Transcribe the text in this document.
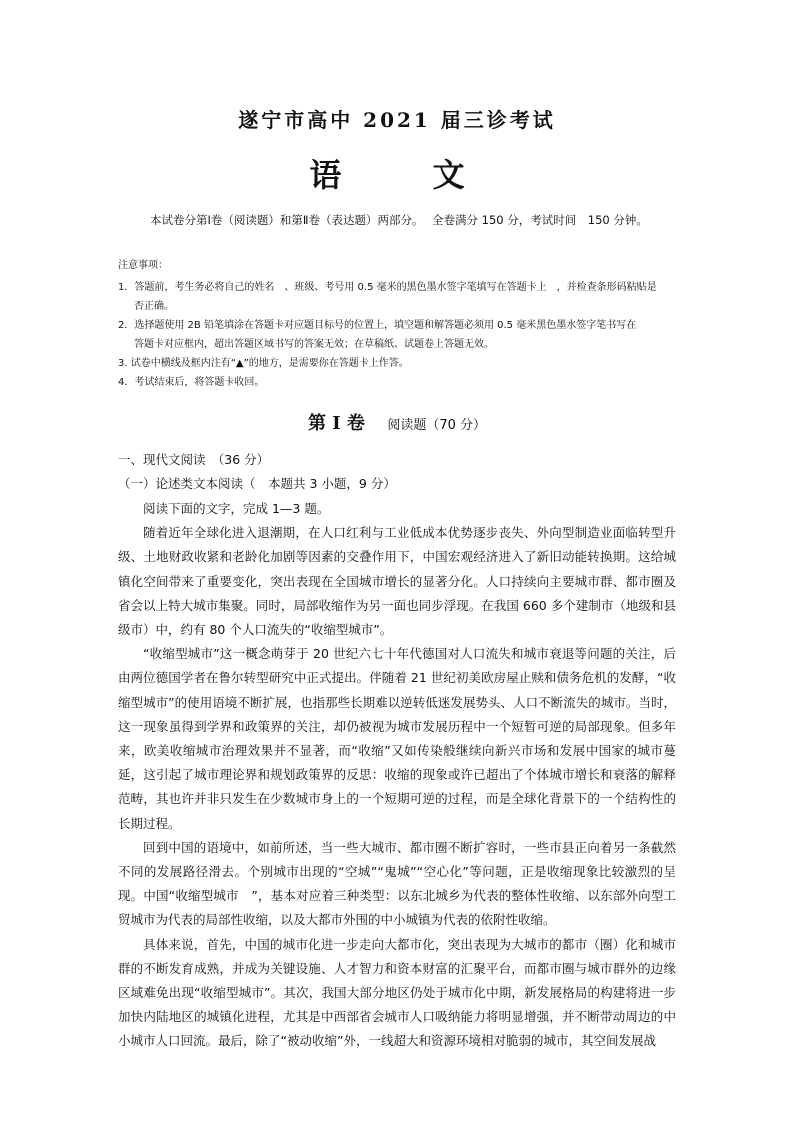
遂宁市高中 2021 届三诊考试
语 文
本试卷分第Ⅰ卷（阅读题）和第Ⅱ卷（表达题）两部分。 全卷满分 150 分，考试时间　150 分钟。
注意事项：
1．答题前，考生务必将自己的姓名　、班级、考号用 0.5 毫米的黑色墨水签字笔填写在答题卡上　，并检查条形码粘贴是
否正确。
2．选择题使用 2B 铅笔填涂在答题卡对应题目标号的位置上，填空题和解答题必须用 0.5 毫米黑色墨水签字笔书写在
答题卡对应框内，超出答题区域书写的答案无效；在草稿纸、试题卷上答题无效。
3. 试卷中横线及框内注有“▲”的地方，是需要你在答题卡上作答。
4．考试结束后，将答题卡收回。
第 Ⅰ 卷 阅读题（70 分）
一、现代文阅读　（36 分）
（一）论述类文本阅读（　本题共 3 小题，9 分）

阅读下面的文字，完成 1—3 题。

随着近年全球化进入退潮期，在人口红利与工业低成本优势逐步丧失、外向型制造业面临转型升级、土地财政收紧和老龄化加剧等因素的交叠作用下，中国宏观经济进入了新旧动能转换期。这给城镇化空间带来了重要变化，突出表现在全国城市增长的显著分化。人口持续向主要城市群、都市圈及省会以上特大城市集聚。同时，局部收缩作为另一面也同步浮现。在我国 660 多个建制市（地级和县级市）中，约有 80 个人口流失的“收缩型城市”。

“收缩型城市”这一概念萌芽于 20 世纪六七十年代德国对人口流失和城市衰退等问题的关注，后由两位德国学者在鲁尔转型研究中正式提出。伴随着 21 世纪初美欧房屋止赎和债务危机的发酵，“收缩型城市”的使用语境不断扩展，也指那些长期难以逆转低迷发展势头、人口不断流失的城市。当时，这一现象虽得到学界和政策界的关注，却仍被视为城市发展历程中一个短暂可逆的局部现象。但多年来，欧美收缩城市治理效果并不显著，而“收缩”又如传染般继续向新兴市场和发展中国家的城市蔓延，这引起了城市理论界和规划政策界的反思：收缩的现象或许已超出了个体城市增长和衰落的解释范畴，其也许并非只发生在少数城市身上的一个短期可逆的过程，而是全球化背景下的一个结构性的长期过程。

回到中国的语境中，如前所述，当一些大城市、都市圈不断扩容时，一些市县正向着另一条截然不同的发展路径滑去。个别城市出现的“空城”“鬼城”“空心化”等问题，正是收缩现象比较激烈的呈现。中国“收缩型城市　”，基本对应着三种类型：以东北城乡为代表的整体性收缩、以东部外向型工贸城市为代表的局部性收缩，以及大都市外围的中小城镇为代表的依附性收缩。

具体来说，首先，中国的城市化进一步走向大都市化，突出表现为大城市的都市（圈）化和城市群的不断发育成熟，并成为关键设施、人才智力和资本财富的汇聚平台，而都市圈与城市群外的边缘区域难免出现“收缩型城市”。其次，我国大部分地区仍处于城市化中期，新发展格局的构建将进一步加快内陆地区的城镇化进程，尤其是中西部省会城市人口吸纳能力将明显增强，并不断带动周边的中小城市人口回流。最后，除了“被动收缩”外，一线超大和资源环境相对脆弱的城市，其空间发展战
